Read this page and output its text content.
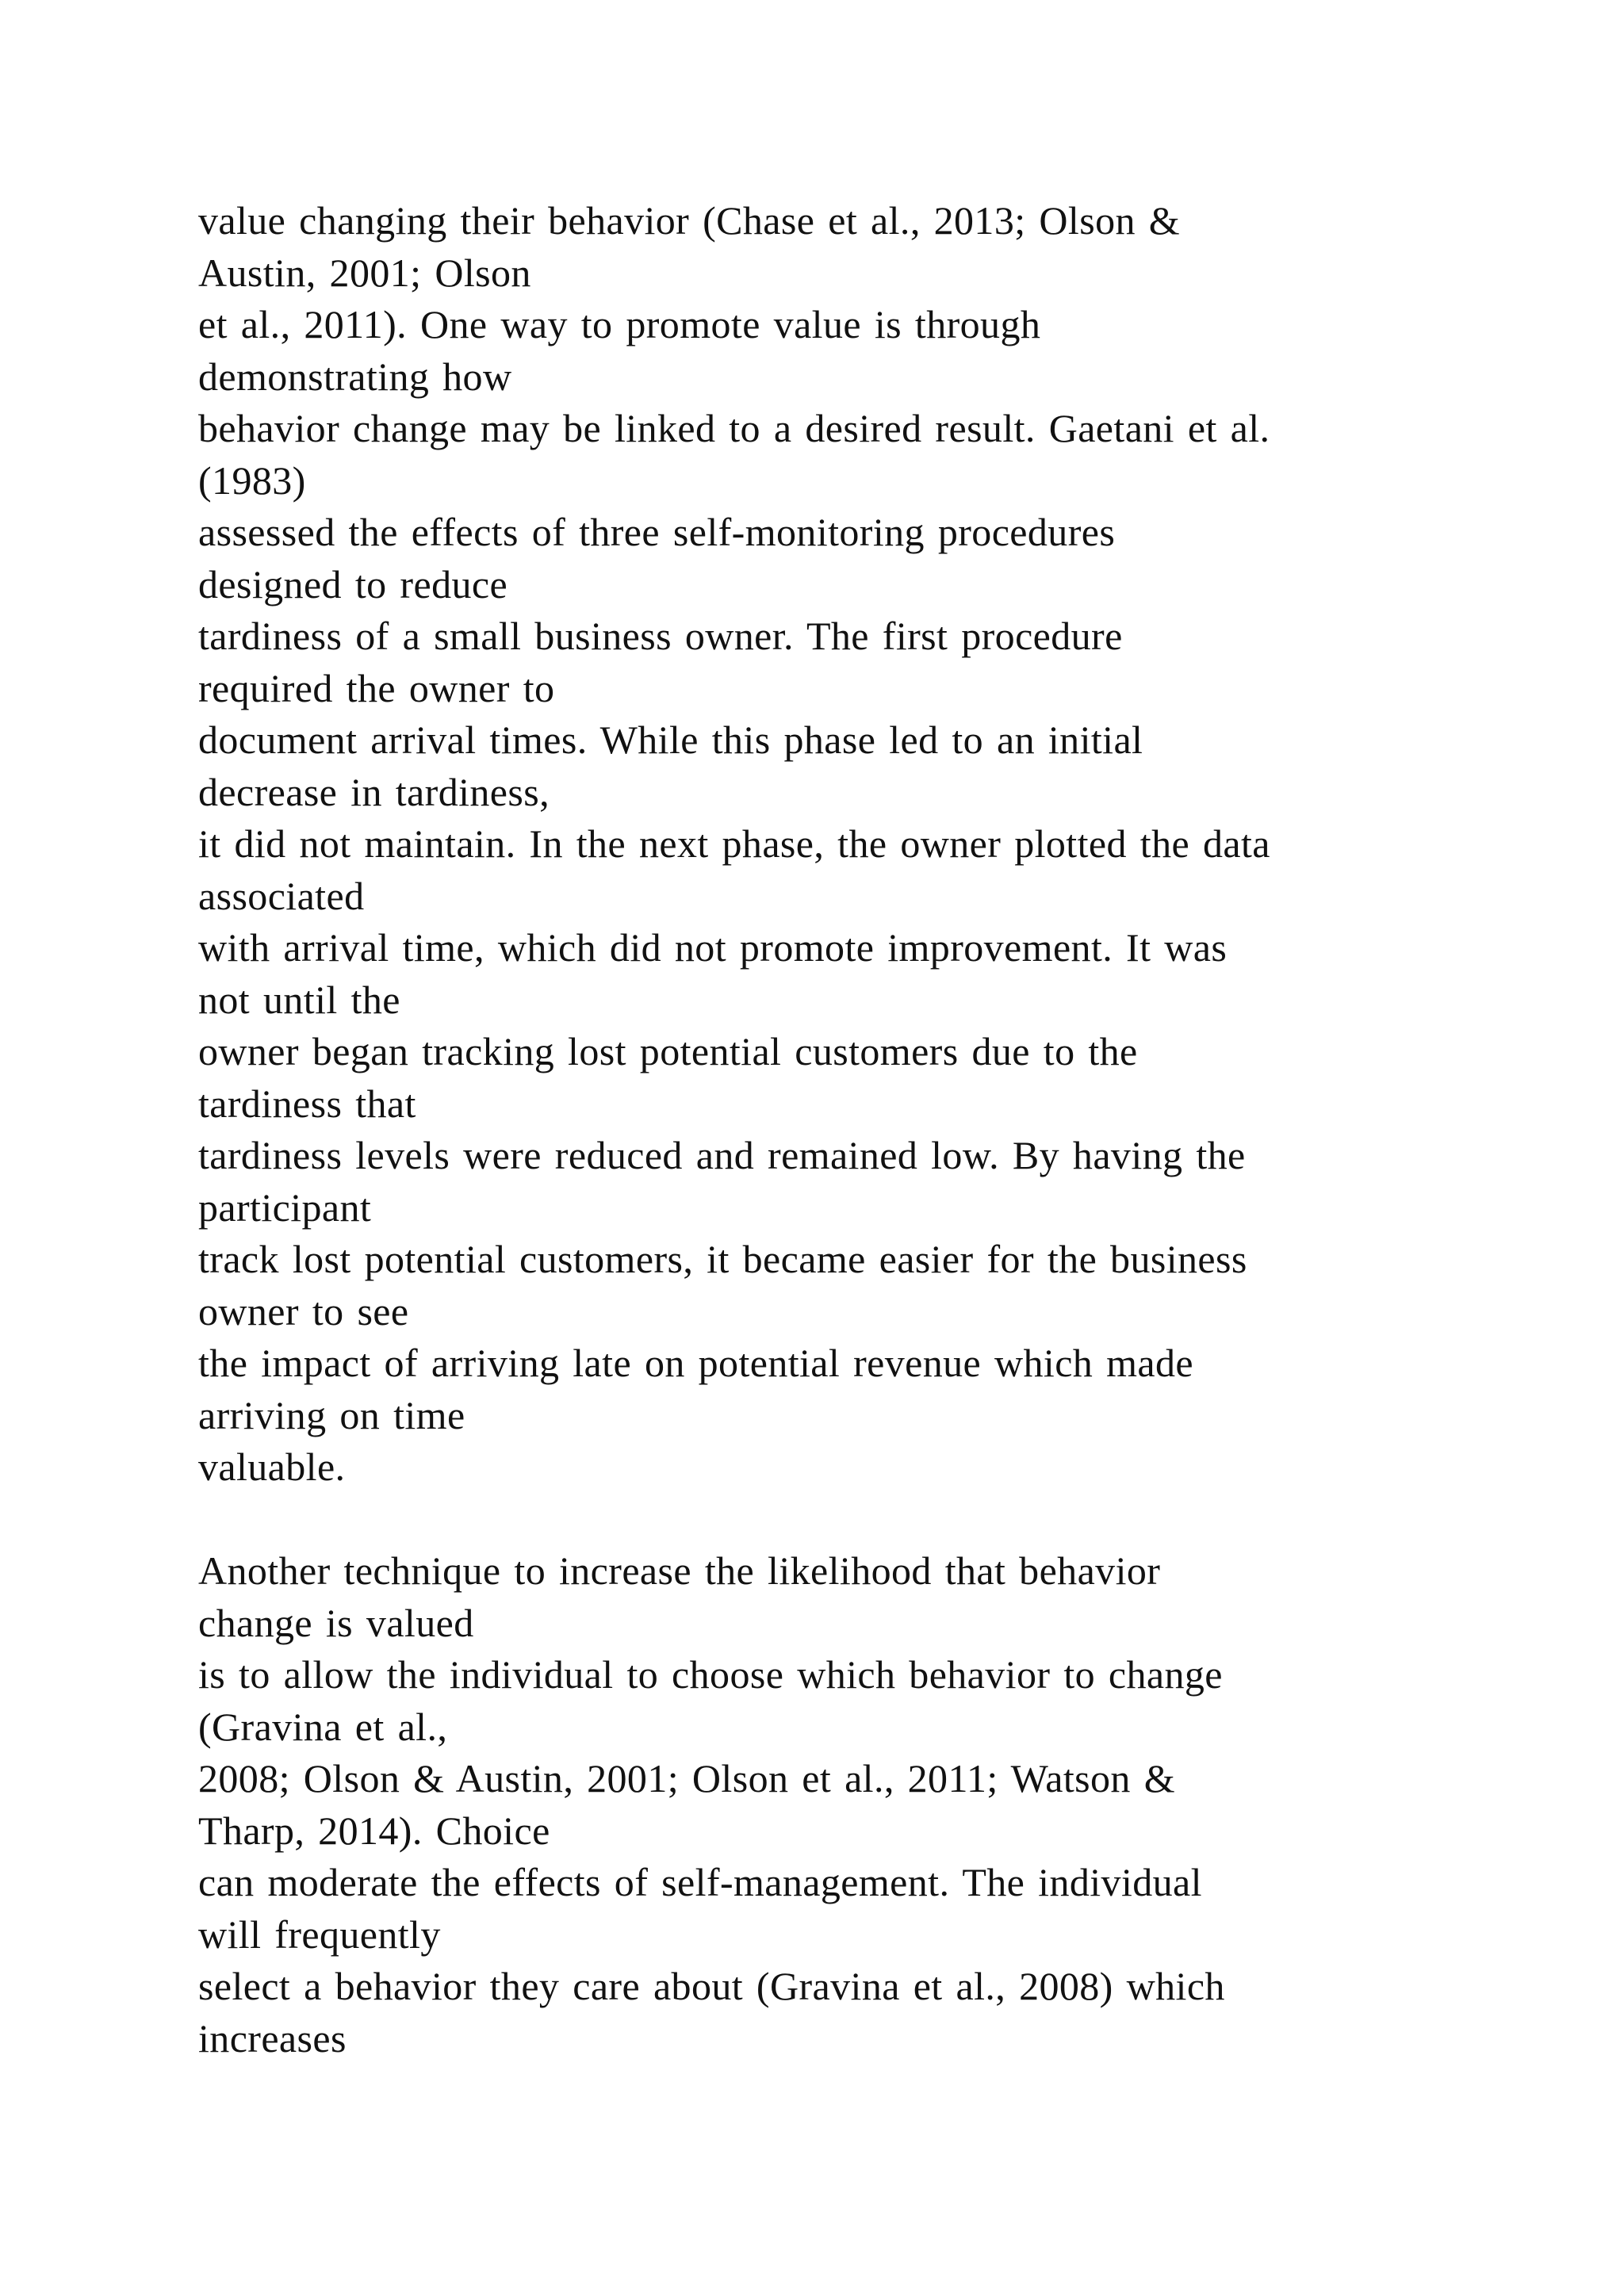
value changing their behavior (Chase et al., 2013; Olson &
Austin, 2001; Olson
et al., 2011). One way to promote value is through
demonstrating how
behavior change may be linked to a desired result. Gaetani et al.
(1983)
assessed the effects of three self-monitoring procedures
designed to reduce
tardiness of a small business owner. The first procedure
required the owner to
document arrival times. While this phase led to an initial
decrease in tardiness,
it did not maintain. In the next phase, the owner plotted the data
associated
with arrival time, which did not promote improvement. It was
not until the
owner began tracking lost potential customers due to the
tardiness that
tardiness levels were reduced and remained low. By having the
participant
track lost potential customers, it became easier for the business
owner to see
the impact of arriving late on potential revenue which made
arriving on time
valuable.
Another technique to increase the likelihood that behavior
change is valued
is to allow the individual to choose which behavior to change
(Gravina et al.,
2008; Olson & Austin, 2001; Olson et al., 2011; Watson &
Tharp, 2014). Choice
can moderate the effects of self-management. The individual
will frequently
select a behavior they care about (Gravina et al., 2008) which
increases
